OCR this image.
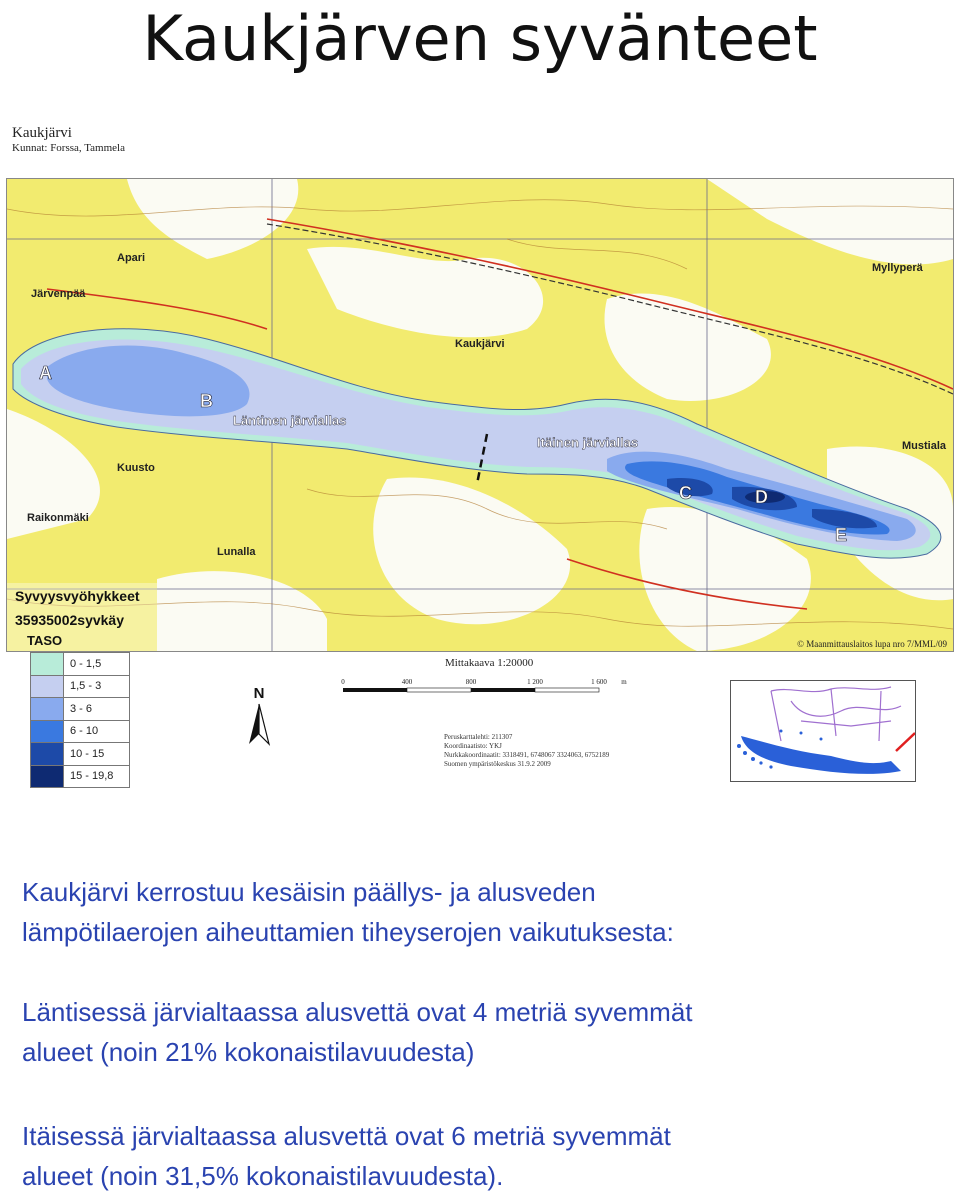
Kaukjärven syvänteet
Kaukjärvi
Kunnat: Forssa, Tammela
A
B
C	D
E
Läntinen järviallas
Itäinen järviallas
Kaukjärvi
Myllyperä
Mustiala
Järvenpää
Raikonmäki
Kuusto
Lunalla
Apari
Syvyysvyöhykkeet
35935002syvkäy
TASO	© Maanmittauslaitos lupa nro 7/MML/09
0 - 1,5
1,5 - 3
3 - 6
6 - 10
10 - 15
15 - 19,8
N
Mittakaava 1:20000
0	400	800	1 200	1 600 m
Peruskarttalehti: 211307
Koordinaatisto: YKJ
Nurkkakoordinaatit: 3318491, 6748067 3324063, 6752189
Suomen ympäristökeskus 31.9.2 2009
Kaukjärvi kerrostuu kesäisin päällys- ja alusveden
lämpötilaerojen aiheuttamien tiheyserojen vaikutuksesta:
Läntisessä järvialtaassa alusvettä ovat 4 metriä syvemmät
alueet (noin 21% kokonaistilavuudesta)
Itäisessä järvialtaassa alusvettä ovat 6 metriä syvemmät
alueet (noin 31,5% kokonaistilavuudesta).
